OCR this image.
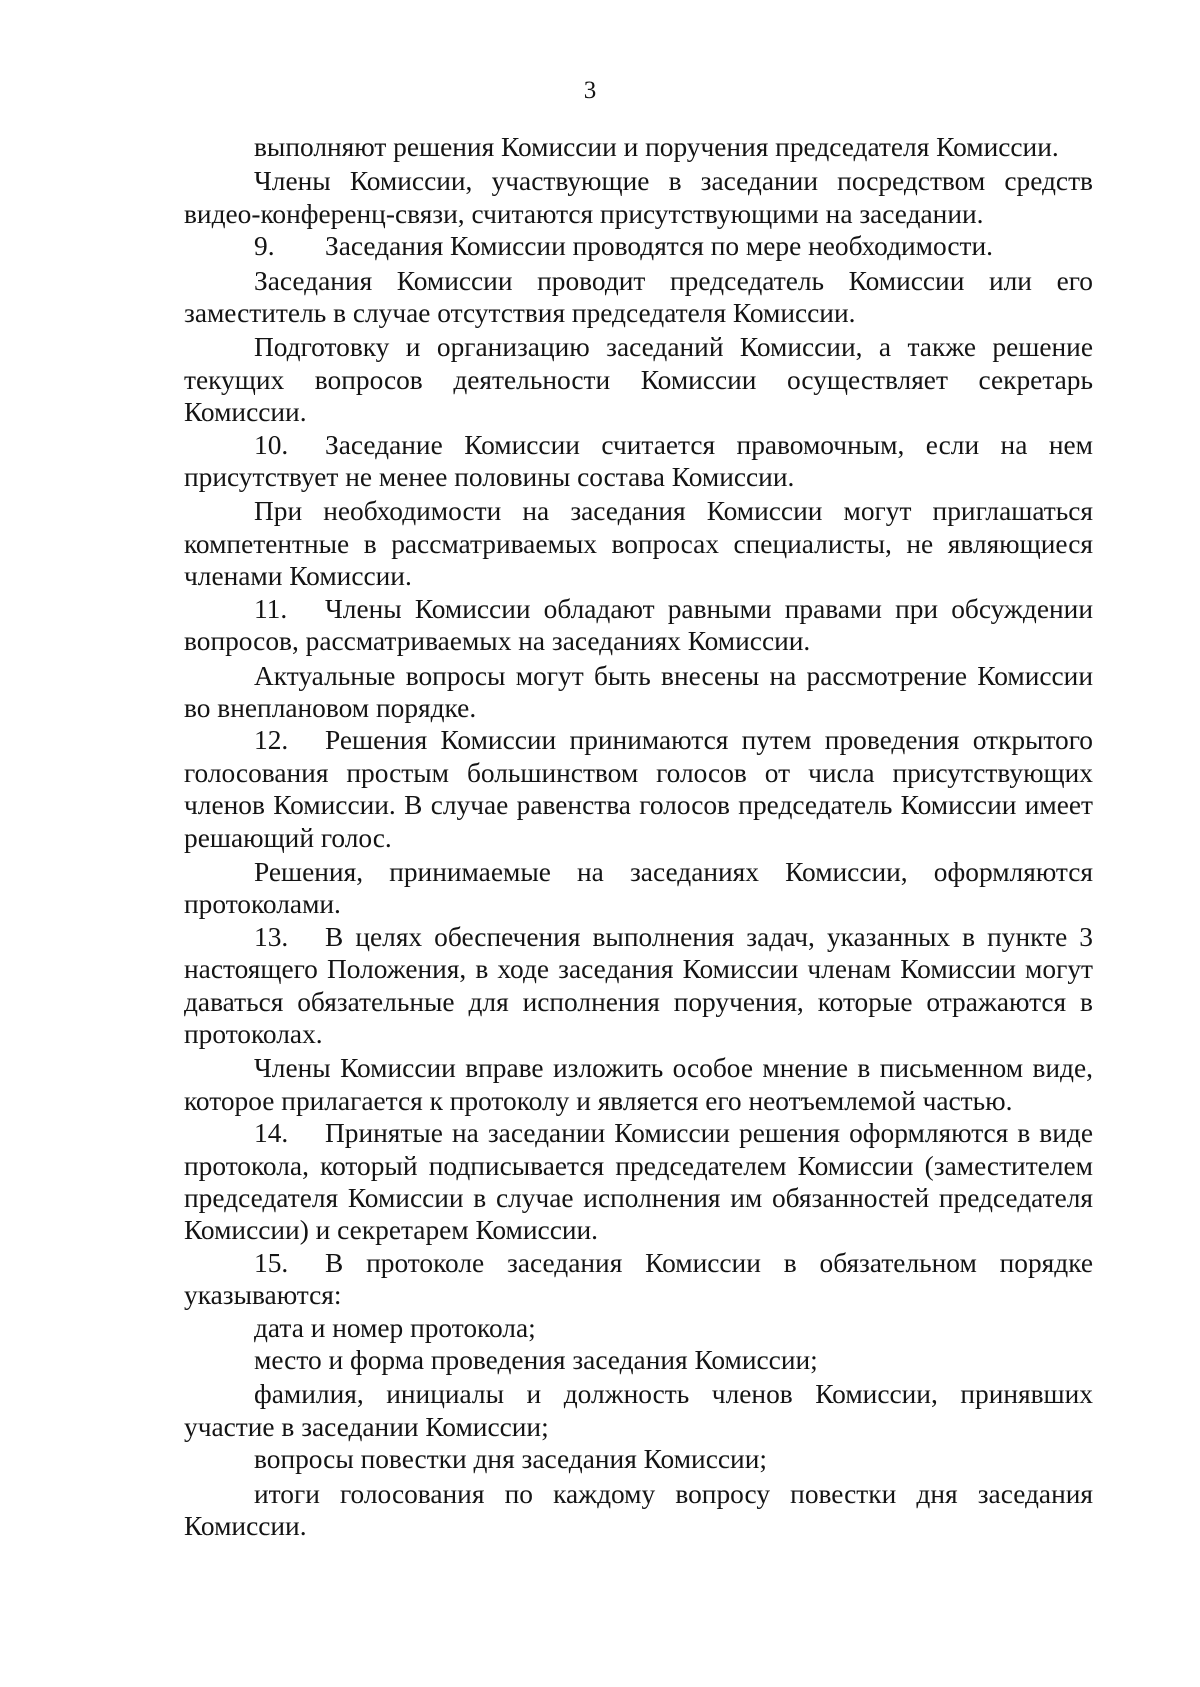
3

выполняют решения Комиссии и поручения председателя Комиссии.

Члены Комиссии, участвующие в заседании посредством средств видео-конференц-связи, считаются присутствующими на заседании.

9. Заседания Комиссии проводятся по мере необходимости.

Заседания Комиссии проводит председатель Комиссии или его заместитель в случае отсутствия председателя Комиссии.

Подготовку и организацию заседаний Комиссии, а также решение текущих вопросов деятельности Комиссии осуществляет секретарь Комиссии.

10. Заседание Комиссии считается правомочным, если на нем присутствует не менее половины состава Комиссии.

При необходимости на заседания Комиссии могут приглашаться компетентные в рассматриваемых вопросах специалисты, не являющиеся членами Комиссии.

11. Члены Комиссии обладают равными правами при обсуждении вопросов, рассматриваемых на заседаниях Комиссии.

Актуальные вопросы могут быть внесены на рассмотрение Комиссии во внеплановом порядке.

12. Решения Комиссии принимаются путем проведения открытого голосования простым большинством голосов от числа присутствующих членов Комиссии. В случае равенства голосов председатель Комиссии имеет решающий голос.

Решения, принимаемые на заседаниях Комиссии, оформляются протоколами.

13. В целях обеспечения выполнения задач, указанных в пункте 3 настоящего Положения, в ходе заседания Комиссии членам Комиссии могут даваться обязательные для исполнения поручения, которые отражаются в протоколах.

Члены Комиссии вправе изложить особое мнение в письменном виде, которое прилагается к протоколу и является его неотъемлемой частью.

14. Принятые на заседании Комиссии решения оформляются в виде протокола, который подписывается председателем Комиссии (заместителем председателя Комиссии в случае исполнения им обязанностей председателя Комиссии) и секретарем Комиссии.

15. В протоколе заседания Комиссии в обязательном порядке указываются:

дата и номер протокола;

место и форма проведения заседания Комиссии;

фамилия, инициалы и должность членов Комиссии, принявших участие в заседании Комиссии;

вопросы повестки дня заседания Комиссии;

итоги голосования по каждому вопросу повестки дня заседания Комиссии.
